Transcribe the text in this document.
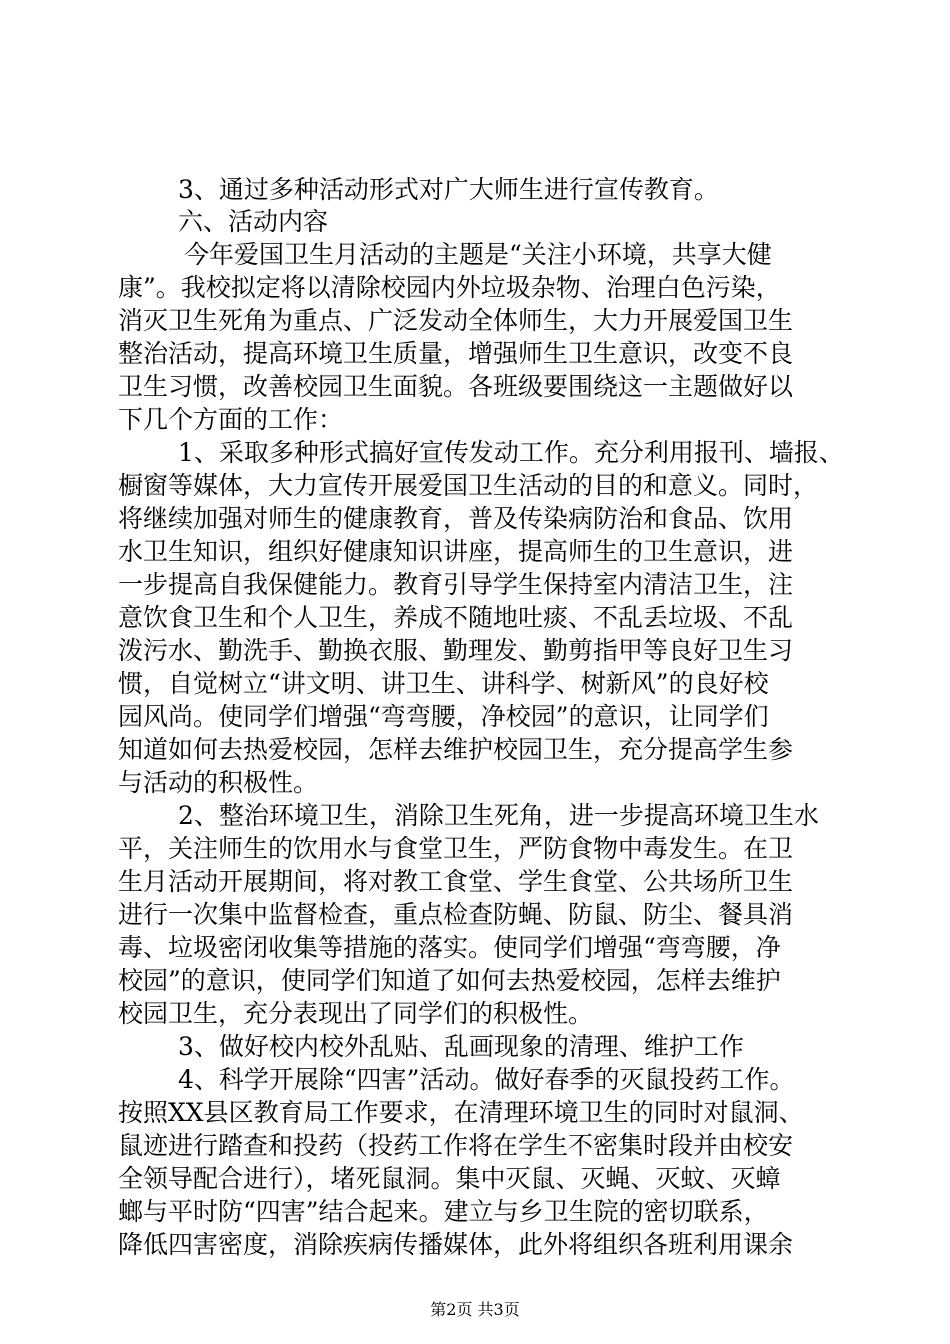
3、通过多种活动形式对广大师生进行宣传教育。
六、活动内容
今年爱国卫生月活动的主题是“关注小环境，共享大健
康”。我校拟定将以清除校园内外垃圾杂物、治理白色污染，
消灭卫生死角为重点、广泛发动全体师生，大力开展爱国卫生
整治活动，提高环境卫生质量，增强师生卫生意识，改变不良
卫生习惯，改善校园卫生面貌。各班级要围绕这一主题做好以
下几个方面的工作：
1、采取多种形式搞好宣传发动工作。充分利用报刊、墙报、
橱窗等媒体，大力宣传开展爱国卫生活动的目的和意义。同时，
将继续加强对师生的健康教育，普及传染病防治和食品、饮用
水卫生知识，组织好健康知识讲座，提高师生的卫生意识，进
一步提高自我保健能力。教育引导学生保持室内清洁卫生，注
意饮食卫生和个人卫生，养成不随地吐痰、不乱丢垃圾、不乱
泼污水、勤洗手、勤换衣服、勤理发、勤剪指甲等良好卫生习
惯，自觉树立“讲文明、讲卫生、讲科学、树新风”的良好校
园风尚。使同学们增强“弯弯腰，净校园”的意识，让同学们
知道如何去热爱校园，怎样去维护校园卫生，充分提高学生参
与活动的积极性。
2、整治环境卫生，消除卫生死角，进一步提高环境卫生水
平，关注师生的饮用水与食堂卫生，严防食物中毒发生。在卫
生月活动开展期间，将对教工食堂、学生食堂、公共场所卫生
进行一次集中监督检查，重点检查防蝇、防鼠、防尘、餐具消
毒、垃圾密闭收集等措施的落实。使同学们增强“弯弯腰，净
校园”的意识，使同学们知道了如何去热爱校园，怎样去维护
校园卫生，充分表现出了同学们的积极性。
3、做好校内校外乱贴、乱画现象的清理、维护工作
4、科学开展除“四害”活动。做好春季的灭鼠投药工作。
按照XX县区教育局工作要求，在清理环境卫生的同时对鼠洞、
鼠迹进行踏查和投药（投药工作将在学生不密集时段并由校安
全领导配合进行），堵死鼠洞。集中灭鼠、灭蝇、灭蚊、灭蟑
螂与平时防“四害”结合起来。建立与乡卫生院的密切联系，
降低四害密度，消除疾病传播媒体，此外将组织各班利用课余
第2页 共3页
